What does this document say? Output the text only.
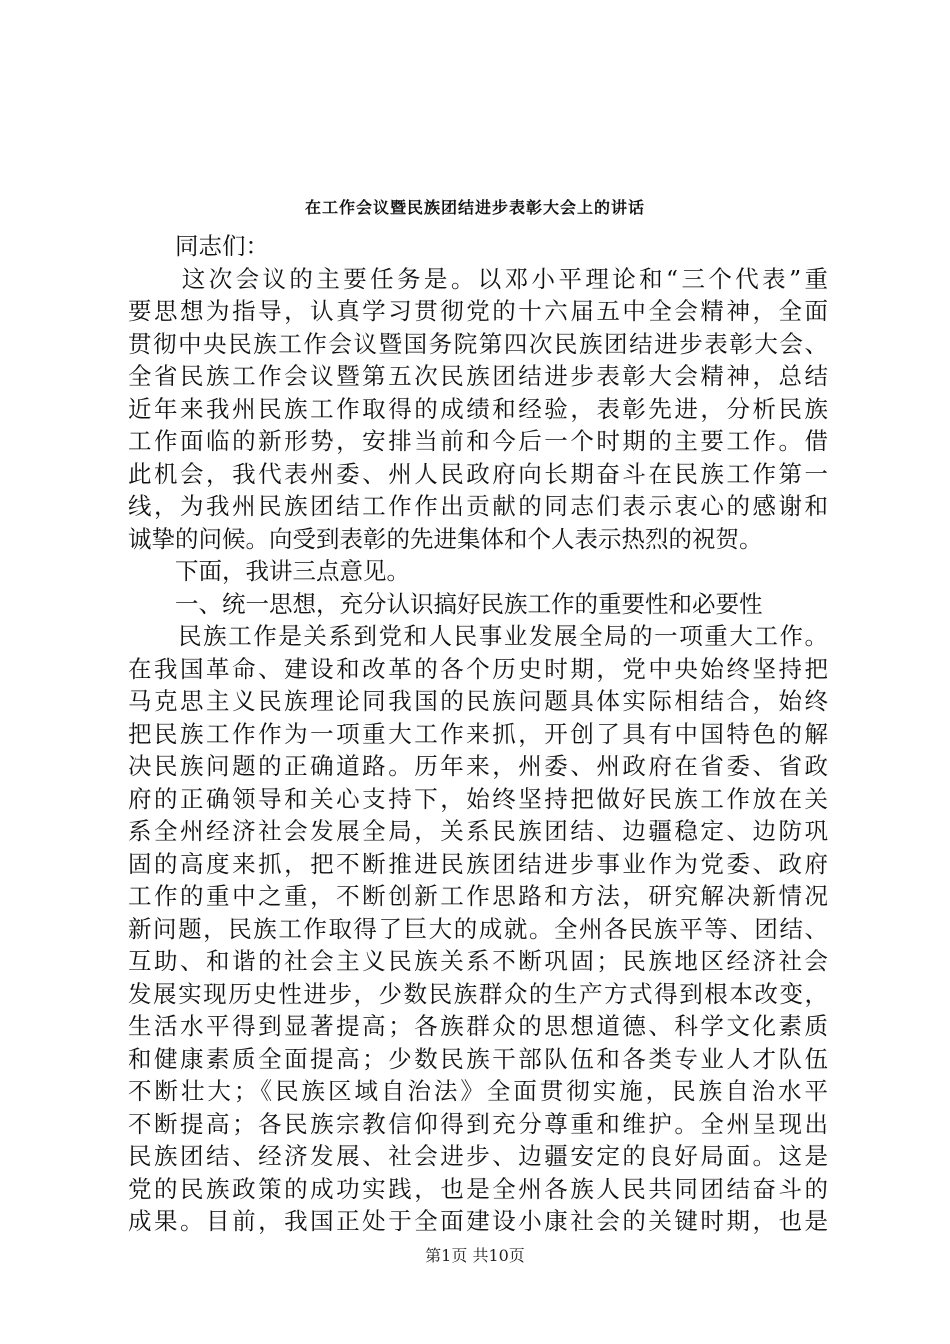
在工作会议暨民族团结进步表彰大会上的讲话
　　同志们：
　　这次会议的主要任务是。以邓小平理论和“三个代表”重
要思想为指导，认真学习贯彻党的十六届五中全会精神，全面
贯彻中央民族工作会议暨国务院第四次民族团结进步表彰大会、
全省民族工作会议暨第五次民族团结进步表彰大会精神，总结
近年来我州民族工作取得的成绩和经验，表彰先进，分析民族
工作面临的新形势，安排当前和今后一个时期的主要工作。借
此机会，我代表州委、州人民政府向长期奋斗在民族工作第一
线，为我州民族团结工作作出贡献的同志们表示衷心的感谢和
诚挚的问候。向受到表彰的先进集体和个人表示热烈的祝贺。
　　下面，我讲三点意见。
　　一、统一思想，充分认识搞好民族工作的重要性和必要性
　　民族工作是关系到党和人民事业发展全局的一项重大工作。
在我国革命、建设和改革的各个历史时期，党中央始终坚持把
马克思主义民族理论同我国的民族问题具体实际相结合，始终
把民族工作作为一项重大工作来抓，开创了具有中国特色的解
决民族问题的正确道路。历年来，州委、州政府在省委、省政
府的正确领导和关心支持下，始终坚持把做好民族工作放在关
系全州经济社会发展全局，关系民族团结、边疆稳定、边防巩
固的高度来抓，把不断推进民族团结进步事业作为党委、政府
工作的重中之重，不断创新工作思路和方法，研究解决新情况
新问题，民族工作取得了巨大的成就。全州各民族平等、团结、
互助、和谐的社会主义民族关系不断巩固；民族地区经济社会
发展实现历史性进步，少数民族群众的生产方式得到根本改变，
生活水平得到显著提高；各族群众的思想道德、科学文化素质
和健康素质全面提高；少数民族干部队伍和各类专业人才队伍
不断壮大；《民族区域自治法》全面贯彻实施，民族自治水平
不断提高；各民族宗教信仰得到充分尊重和维护。全州呈现出
民族团结、经济发展、社会进步、边疆安定的良好局面。这是
党的民族政策的成功实践，也是全州各族人民共同团结奋斗的
成果。目前，我国正处于全面建设小康社会的关键时期，也是
第1页 共10页
